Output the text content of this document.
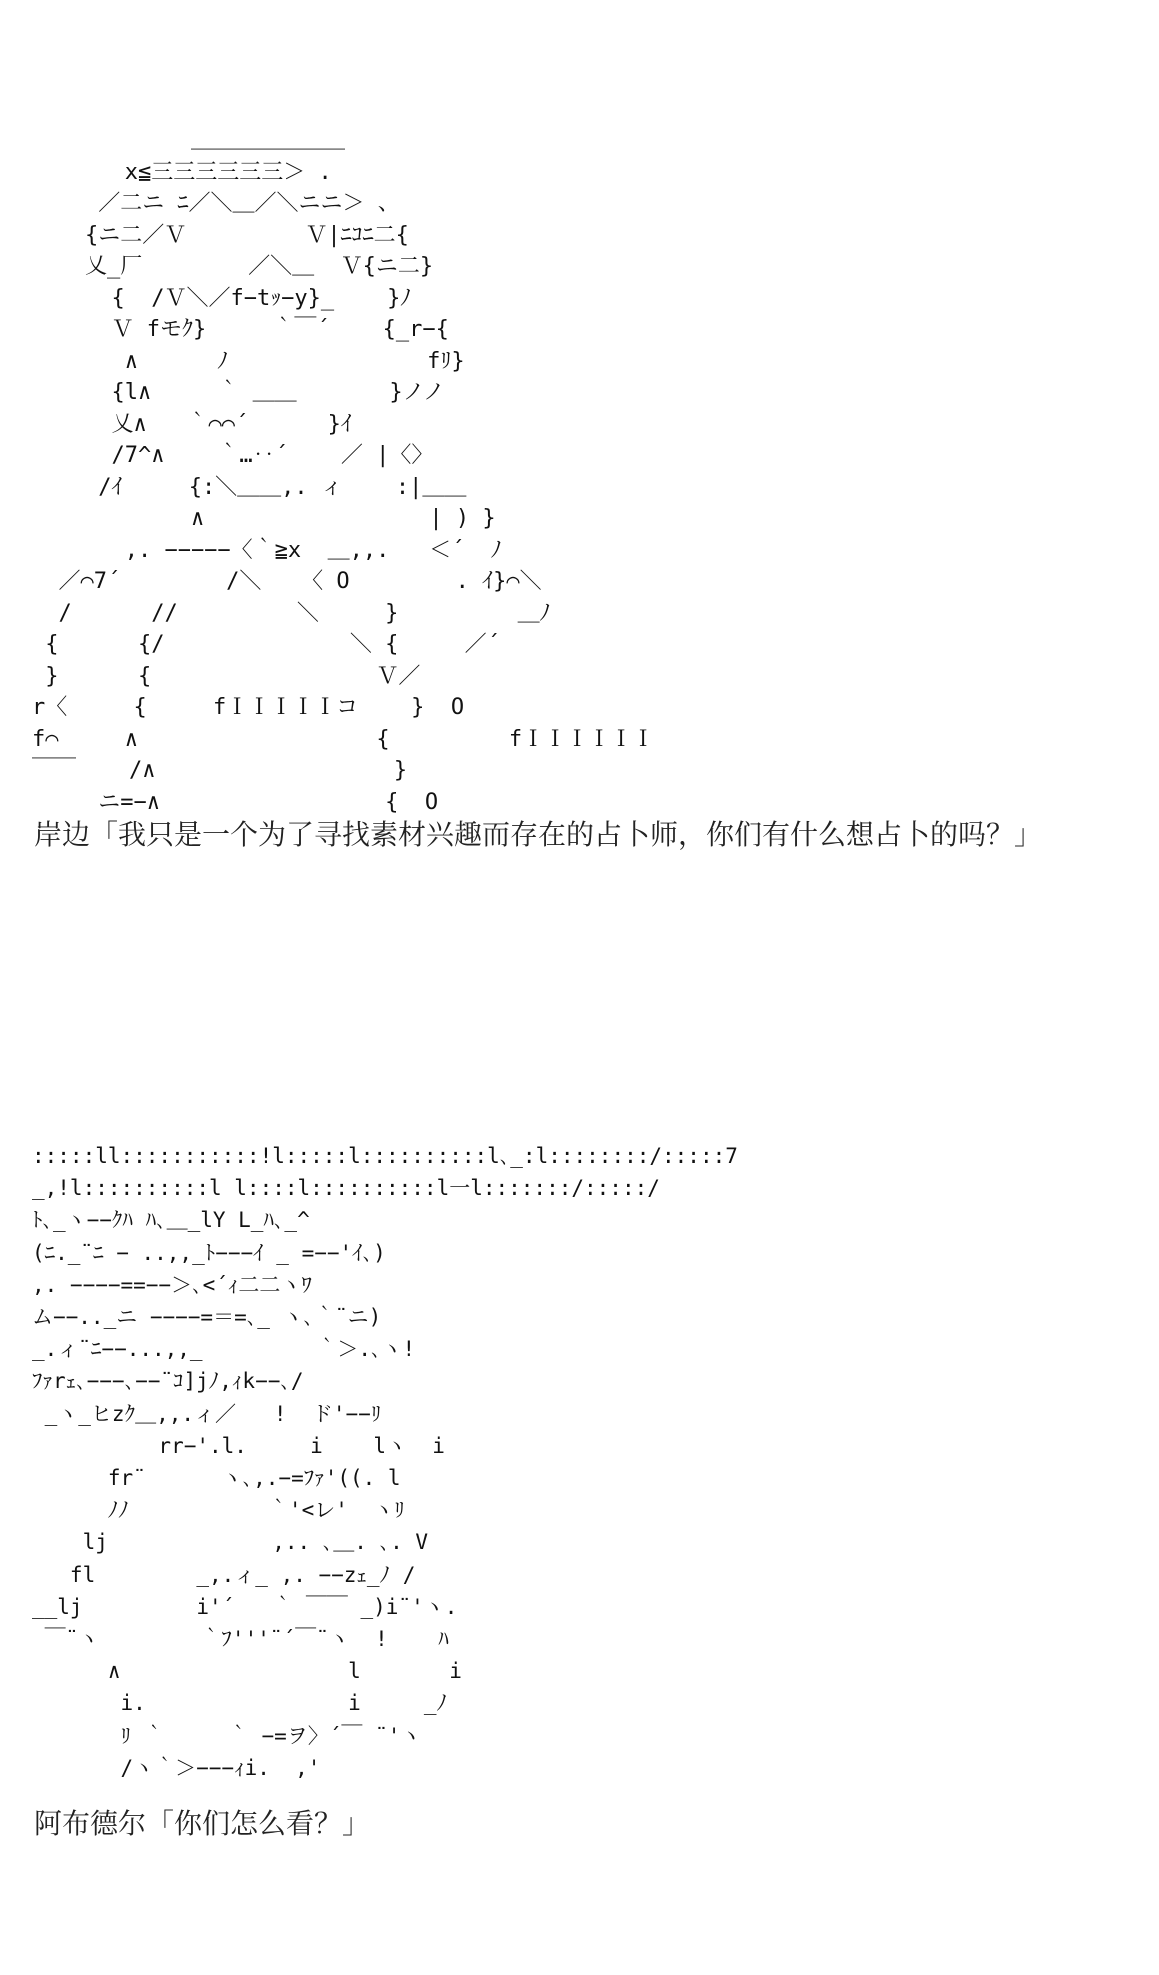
＿＿＿＿＿＿＿
x≦三三三三三三＞ .
／二ニ ﾆ／＼＿／＼ニニ＞ 、
{ニ二／Ｖ         Ｖ|ﾆｺﾆ二{
乂_厂        ／＼＿  Ｖ{ニ二}
{  /Ｖ＼／f−tｯ−y}_    }ﾉ
Ｖ fモｸ}     ｀￣´    {_r−{
∧      ﾉ               fﾘ}
{l∧     ｀ ＿＿       }ノノ
乂∧   ｀⌒⌒´      }ｲ
/7^∧    ｀…‥´    ／ |〈〉
/ｲ     {:＼＿＿,. ィ    :|＿＿
∧                 | ) }
,. −−−−−〈｀≧x  ＿,,.   ＜´  ﾉ
／⌒7´        /＼   〈 O        . ｲ}⌒＼
/      //         ＼     }         ＿ﾉ
{      {/              ＼ {     ／´
}      {                 Ｖ／
r〈     {     fＩＩＩＩＩコ    }  O
f⌒     ∧                  {         fＩＩＩＩＩＩ
￣￣    /∧                  }
ニ=−∧                 {  O

岸边「我只是一个为了寻找素材兴趣而存在的占卜师，你们有什么想占卜的吗？」

:::::ll:::::::::::!l:::::l::::::::::l､_:l::::::::/:::::7
_,!l::::::::::l l::::l::::::::::l一l:::::::/:::::/
ﾄ､_ヽ−−ｸﾊ ﾊ､＿_lY L_ﾊ､_^
(ﾆ._¨ﾆ − ..,,_ﾄ−−−ｲ _ =−−'ｲ､)
,. −−−−==−−＞､<´ｨ二二ヽﾜ
ム−−.._ニ −−−−=＝=､_ ヽ､｀¨ニ)
_.ィ¨ﾆ−−...,,_         ｀＞.､ヽ!
ﾌｧrｪ､−−−､−−¨ｺ]jﾉ,ｨk−−､/
_ヽ_ヒzｸ＿,,.ィ／   !  ド'−−ﾘ
rr−'.l.     i    lヽ  i
fr¨      ヽ､,.−=ﾌｧ'((. l
ﾉﾉ           ｀'<レ'  ヽﾘ
lj             ,.. ､＿. ､. V
fl        _,.ィ_ ,. −−zｪ_ﾉ /
__lj         i'´   ｀ ￣￣ _)i¨'ヽ.
￣¨ヽ        ｀ﾌ'''¨´￣¨ヽ  !    ﾊ
∧                  l       i
i.                i     _ﾉ
ﾘ ｀     ｀ −=ヲ〉´￣ ¨'ヽ
/ヽ｀＞−−−ｨi.  ,'

阿布德尔「你们怎么看？」
